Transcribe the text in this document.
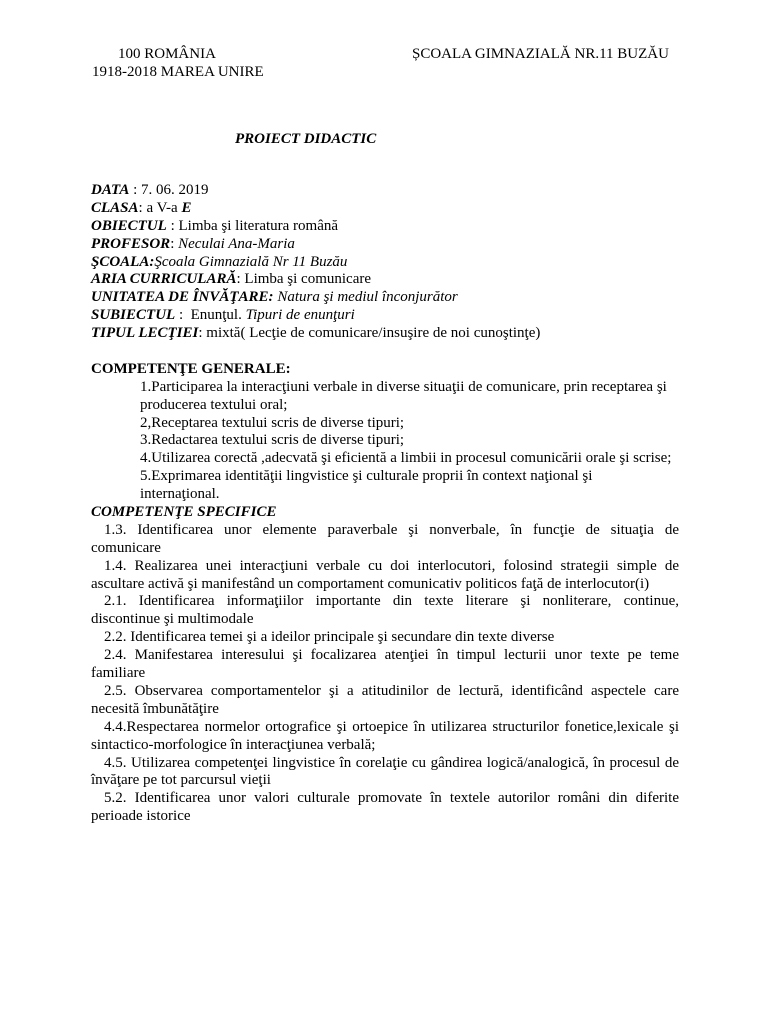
100 ROMÂNIA	ȘCOALA GIMNAZIALĂ NR.11 BUZĂU
1918-2018 MAREA UNIRE
PROIECT DIDACTIC
DATA : 7. 06. 2019
CLASA: a V-a E
OBIECTUL : Limba şi literatura română
PROFESOR: Neculai Ana-Maria
ŞCOALA:Şcoala Gimnazială Nr 11 Buzău
ARIA CURRICULARĂ: Limba şi comunicare
UNITATEA DE ÎNVĂŢARE: Natura şi mediul înconjurător
SUBIECTUL :  Enunţul. Tipuri de enunţuri
TIPUL LECŢIEI: mixtă( Lecţie de comunicare/insuşire de noi cunoştinţe)
COMPETENŢE GENERALE:
1.Participarea la interacţiuni verbale in diverse situaţii de comunicare, prin receptarea şi
producerea textului oral;
2,Receptarea textului scris de diverse tipuri;
3.Redactarea textului scris de diverse tipuri;
4.Utilizarea corectă ,adecvată şi eficientă a limbii in procesul comunicării orale şi scrise;
5.Exprimarea identităţii lingvistice şi culturale proprii în context naţional şi
internaţional.
COMPETENŢE SPECIFICE
1.3. Identificarea unor elemente paraverbale şi nonverbale, în funcţie de situaţia de
comunicare
1.4. Realizarea unei interacţiuni verbale cu doi interlocutori, folosind strategii simple de
ascultare activă şi manifestând un comportament comunicativ politicos faţă de interlocutor(i)
2.1. Identificarea informaţiilor importante din texte literare şi nonliterare, continue,
discontinue şi multimodale
2.2. Identificarea temei şi a ideilor principale şi secundare din texte diverse
2.4. Manifestarea interesului şi focalizarea atenţiei în timpul lecturii unor texte pe teme
familiare
2.5. Observarea comportamentelor şi a atitudinilor de lectură, identificând aspectele care
necesită îmbunătăţire
4.4.Respectarea normelor ortografice şi ortoepice în utilizarea structurilor fonetice,lexicale şi
sintactico-morfologice în interacţiunea verbală;
4.5. Utilizarea competenţei lingvistice în corelaţie cu gândirea logică/analogică, în procesul de
învăţare pe tot parcursul vieţii
5.2. Identificarea unor valori culturale promovate în textele autorilor români din diferite
perioade istorice
